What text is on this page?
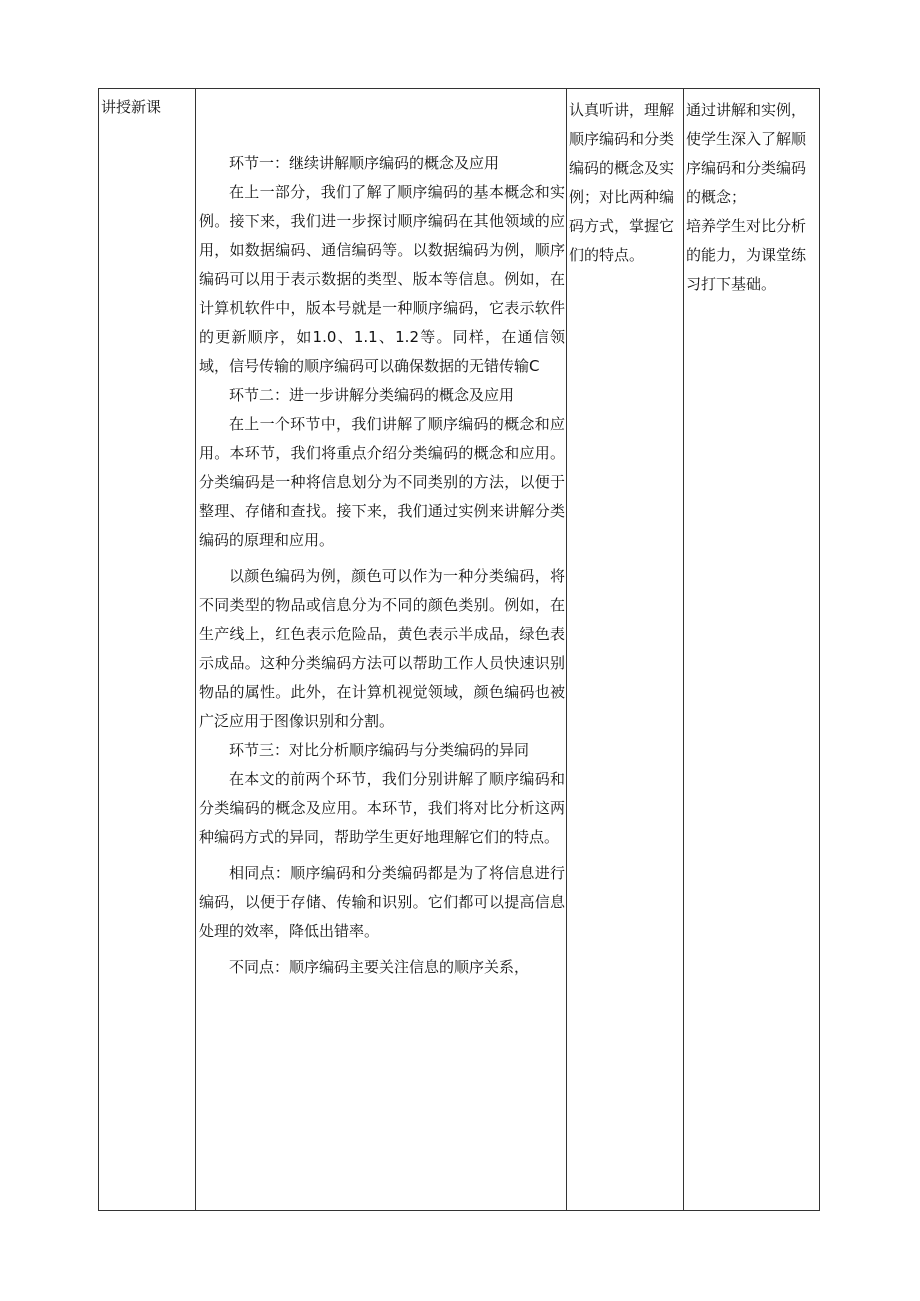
讲授新课

环节一：继续讲解顺序编码的概念及应用

在上一部分，我们了解了顺序编码的基本概念和实例。接下来，我们进一步探讨顺序编码在其他领域的应用，如数据编码、通信编码等。以数据编码为例，顺序编码可以用于表示数据的类型、版本等信息。例如，在计算机软件中，版本号就是一种顺序编码，它表示软件的更新顺序，如1.0、1.1、1.2等。同样，在通信领域，信号传输的顺序编码可以确保数据的无错传输C

环节二：进一步讲解分类编码的概念及应用

在上一个环节中，我们讲解了顺序编码的概念和应用。本环节，我们将重点介绍分类编码的概念和应用。分类编码是一种将信息划分为不同类别的方法，以便于整理、存储和查找。接下来，我们通过实例来讲解分类编码的原理和应用。

以颜色编码为例，颜色可以作为一种分类编码，将不同类型的物品或信息分为不同的颜色类别。例如，在生产线上，红色表示危险品，黄色表示半成品，绿色表示成品。这种分类编码方法可以帮助工作人员快速识别物品的属性。此外，在计算机视觉领域，颜色编码也被广泛应用于图像识别和分割。

环节三：对比分析顺序编码与分类编码的异同

在本文的前两个环节，我们分别讲解了顺序编码和分类编码的概念及应用。本环节，我们将对比分析这两种编码方式的异同，帮助学生更好地理解它们的特点。

相同点：顺序编码和分类编码都是为了将信息进行编码，以便于存储、传输和识别。它们都可以提高信息处理的效率，降低出错率。

不同点：顺序编码主要关注信息的顺序关系，

认真听讲，理解顺序编码和分类编码的概念及实例；对比两种编码方式，掌握它们的特点。

通过讲解和实例，使学生深入了解顺序编码和分类编码的概念；

培养学生对比分析的能力，为课堂练习打下基础。
